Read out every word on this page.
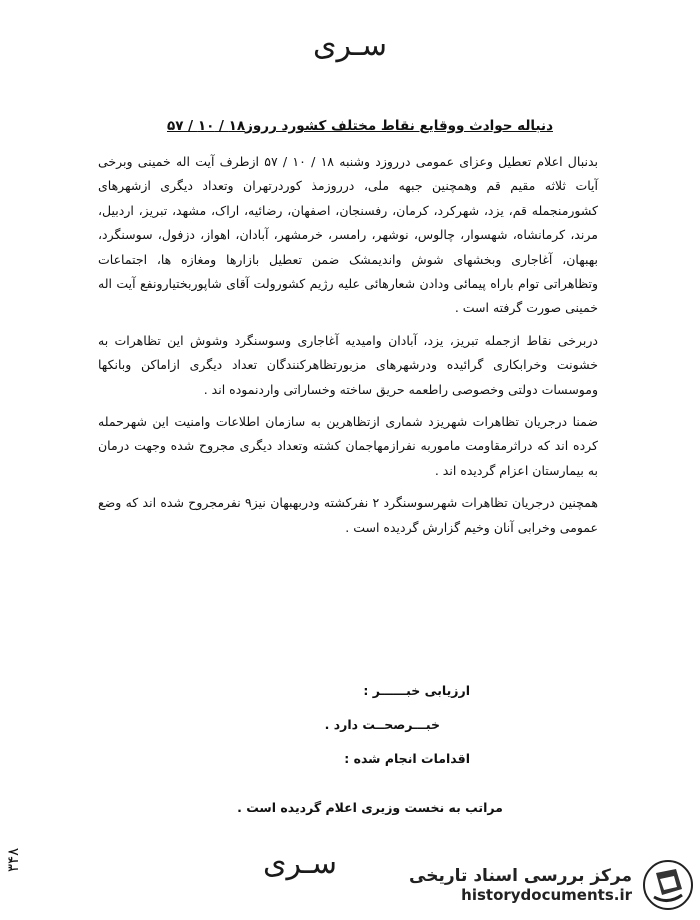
سـری
دنباله حوادث ووقایع نقاط مختلف کشورد رروز۱۸ / ۱۰ / ۵۷

بدنبال اعلام تعطیل وعزای عمومی درروزد وشنبه ۱۸ / ۱۰ / ۵۷ ازطرف آیت اله خمینی وبرخی آیات ثلاثه مقیم قم وهمچنین جبهه ملی، درروزمذ کوردرتهران وتعداد دیگری ازشهرهای کشورمنجمله قم، یزد، شهرکرد، کرمان، رفسنجان، اصفهان، رضائیه، اراک، مشهد، تبریز، اردبیل، مرند، کرمانشاه، شهسوار، چالوس، نوشهر، رامسر، خرمشهر، آبادان، اهواز، دزفول، سوسنگرد، بهبهان، آغاجاری وبخشهای شوش واندیمشک ضمن تعطیل بازارها ومغازه ها، اجتماعات وتظاهراتی توام باراه پیمائی ودادن شعارهائی علیه رژیم کشورولت آقای شاپوربختیارونفع آیت اله خمینی صورت گرفته است .

دربرخی نقاط ازجمله تبریز، یزد، آبادان وامیدیه آغاجاری وسوسنگرد وشوش این تظاهرات به خشونت وخرابکاری گرائیده ودرشهرهای مزبورتظاهرکنندگان تعداد دیگری ازاماکن وبانکها وموسسات دولتی وخصوصی راطعمه حریق ساخته وخساراتی واردنموده اند .

ضمنا درجریان تظاهرات شهریزد شماری ازتظاهرین به سازمان اطلاعات وامنیت این شهرحمله کرده اند که دراثرمقاومت ماموربه نفرازمهاجمان کشته وتعداد دیگری مجروح شده وجهت درمان به بیمارستان اعزام گردیده اند .

همچنین درجریان تظاهرات شهرسوسنگرد ۲ نفرکشته ودربهبهان نیز۹ نفرمجروح شده اند که وضع عمومی وخرابی آنان وخیم گزارش گردیده است .

ارزیابی خبــــــر :
خبـــرصحــت دارد .
اقدامات انجام شده :
مراتب به نخست وزیری اعلام گردیده است .
سـری
۳۴۸
مرکز بررسی اسناد تاریخی
historydocuments.ir
